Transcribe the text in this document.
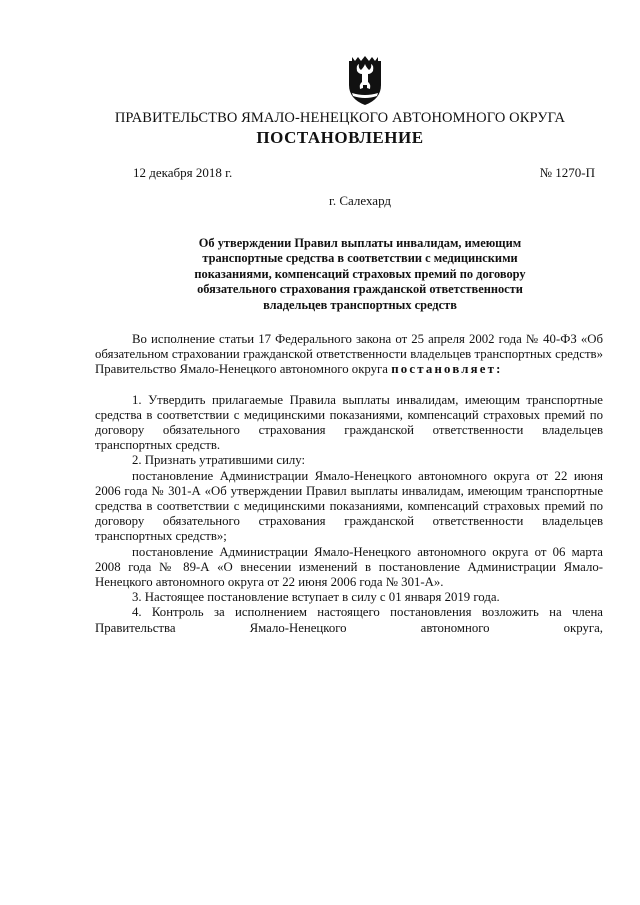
ПРАВИТЕЛЬСТВО ЯМАЛО-НЕНЕЦКОГО АВТОНОМНОГО ОКРУГА
ПОСТАНОВЛЕНИЕ
12 декабря 2018 г.	№ 1270-П
г. Салехард
Об утверждении Правил выплаты инвалидам, имеющим
транспортные средства в соответствии с медицинскими
показаниями, компенсаций страховых премий по договору
обязательного страхования гражданской ответственности
владельцев транспортных средств

Во исполнение статьи 17 Федерального закона от 25 апреля 2002 года № 40-ФЗ «Об обязательном страховании гражданской ответственности владельцев транспортных средств» Правительство Ямало-Ненецкого автономного округа постановляет:

1. Утвердить прилагаемые Правила выплаты инвалидам, имеющим транспортные средства в соответствии с медицинскими показаниями, компенсаций страховых премий по договору обязательного страхования гражданской ответственности владельцев транспортных средств.

2. Признать утратившими силу:

постановление Администрации Ямало-Ненецкого автономного округа от 22 июня 2006 года № 301-А «Об утверждении Правил выплаты инвалидам, имеющим транспортные средства в соответствии с медицинскими показаниями, компенсаций страховых премий по договору обязательного страхования гражданской ответственности владельцев транспортных средств»;

постановление Администрации Ямало-Ненецкого автономного округа от 06 марта 2008 года № 89-А «О внесении изменений в постановление Администрации Ямало-Ненецкого автономного округа от 22 июня 2006 года № 301-А».

3. Настоящее постановление вступает в силу с 01 января 2019 года.

4. Контроль за исполнением настоящего постановления возложить на члена Правительства Ямало-Ненецкого автономного округа,
